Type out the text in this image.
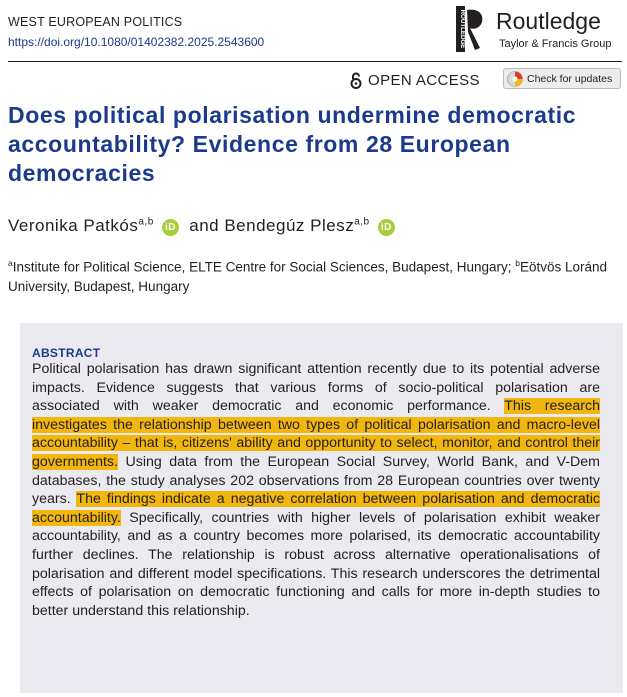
WEST EUROPEAN POLITICS
https://doi.org/10.1080/01402382.2025.2543600	ROUTLEDGE Routledge
Taylor & Francis Group
OPEN ACCESS	Check for updates
Does political polarisation undermine democratic accountability? Evidence from 28 European democracies
Veronika Patkós$^{a,b}$ iD and Bendegúz Plesz$^{a,b}$ iD

$^a$Institute for Political Science, ELTE Centre for Social Sciences, Budapest, Hungary; $^b$Eötvös Loránd University, Budapest, Hungary

ABSTRACT

Political polarisation has drawn significant attention recently due to its potential adverse impacts. Evidence suggests that various forms of socio-political polarisation are associated with weaker democratic and economic performance. This research investigates the relationship between two types of political polarisation and macro-level accountability – that is, citizens' ability and opportunity to select, monitor, and control their governments. Using data from the European Social Survey, World Bank, and V-Dem databases, the study analyses 202 observations from 28 European countries over twenty years. The findings indicate a negative correlation between polarisation and democratic accountability. Specifically, countries with higher levels of polarisation exhibit weaker accountability, and as a country becomes more polarised, its democratic accountability further declines. The relationship is robust across alternative operationalisations of polarisation and different model specifications. This research underscores the detrimental effects of polarisation on democratic functioning and calls for more in-depth studies to better understand this relationship.
